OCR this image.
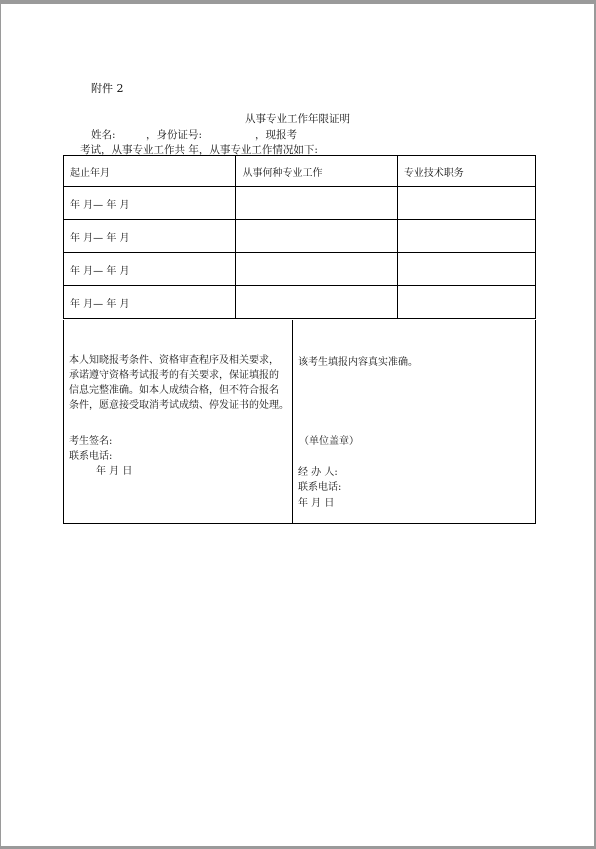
附件 2
从事专业工作年限证明
姓名:	，身份证号:	，现报考
考试，从事专业工作共 年，从事专业工作情况如下:
起止年月	从事何种专业工作	专业技术职务
年 月— 年 月		
年 月— 年 月		
年 月— 年 月		
年 月— 年 月		
本人知晓报考条件、资格审查程序及相关要求，
承诺遵守资格考试报考的有关要求，保证填报的
信息完整准确。如本人成绩合格，但不符合报名
条件，愿意接受取消考试成绩、停发证书的处理。
考生签名:
联系电话:
年 月 日
该考生填报内容真实准确。
（单位盖章）
经 办 人:
联系电话:
年 月 日
